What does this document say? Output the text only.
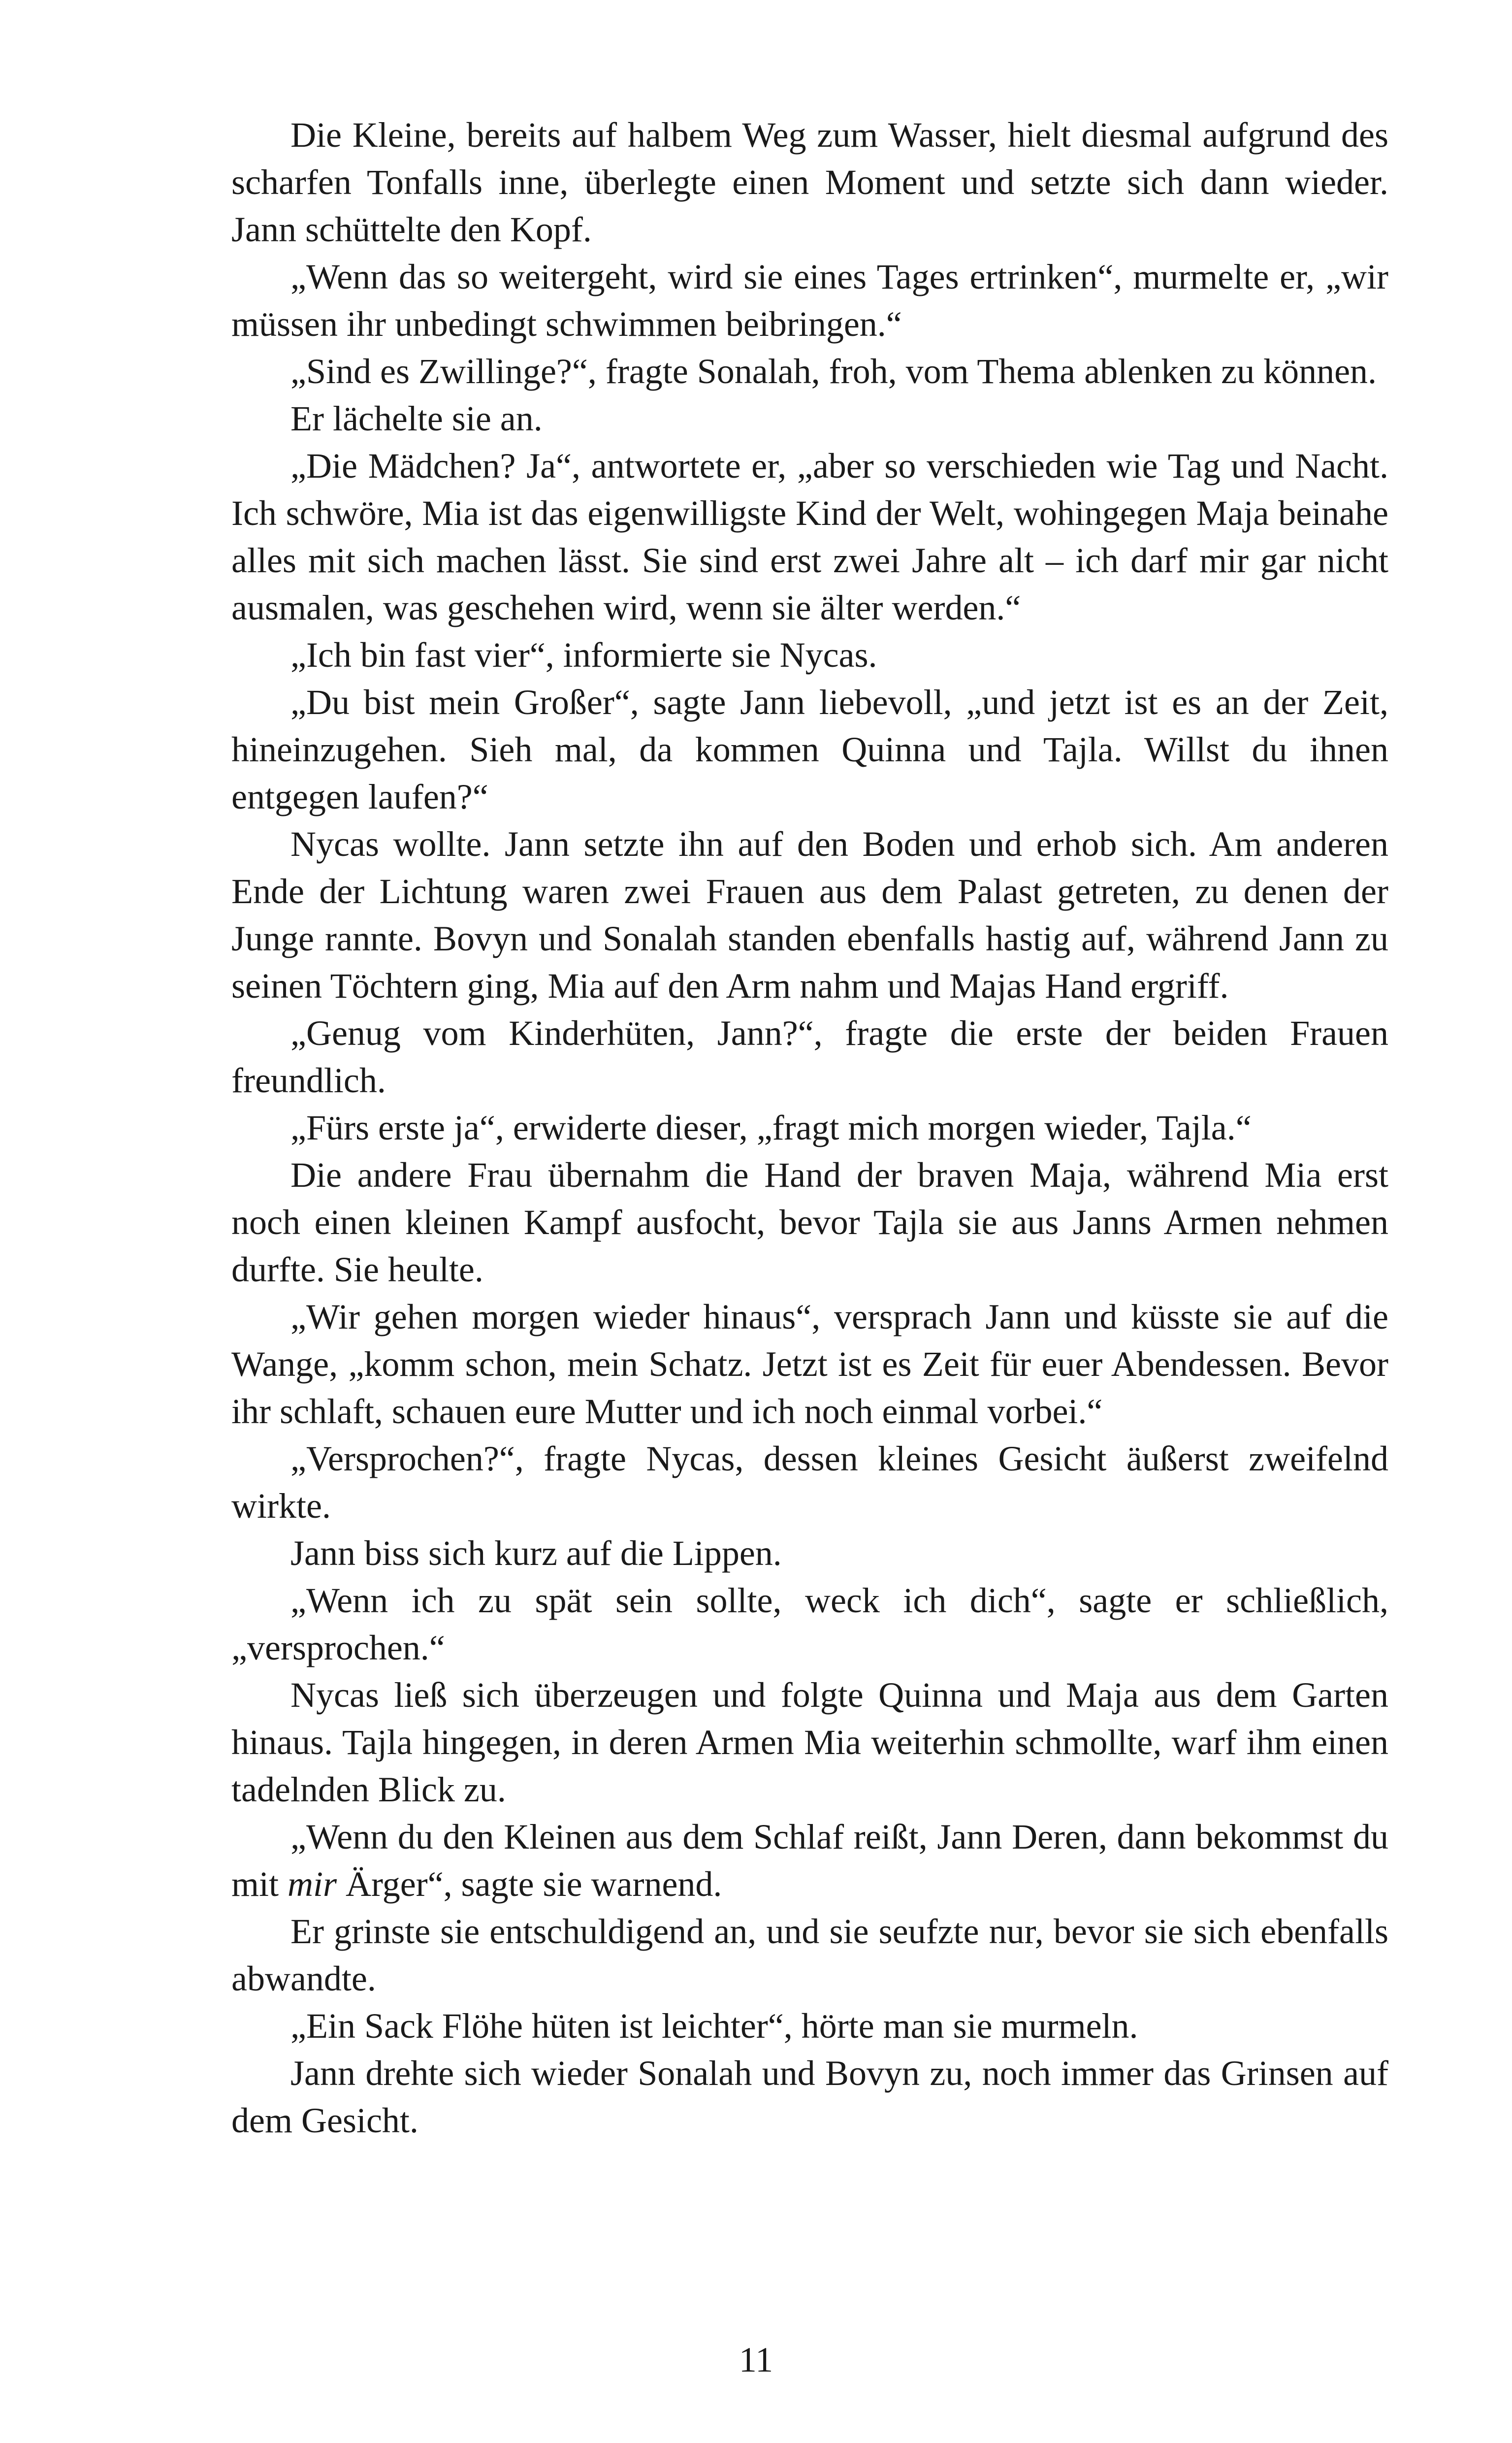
Die Kleine, bereits auf halbem Weg zum Wasser, hielt diesmal aufgrund des scharfen Tonfalls inne, überlegte einen Moment und setzte sich dann wieder. Jann schüttelte den Kopf.

„Wenn das so weitergeht, wird sie eines Tages ertrinken“, murmelte er, „wir müssen ihr unbedingt schwimmen beibringen.“

„Sind es Zwillinge?“, fragte Sonalah, froh, vom Thema ablenken zu können.

Er lächelte sie an.

„Die Mädchen? Ja“, antwortete er, „aber so verschieden wie Tag und Nacht. Ich schwöre, Mia ist das eigenwilligste Kind der Welt, wohingegen Maja beinahe alles mit sich machen lässt. Sie sind erst zwei Jahre alt – ich darf mir gar nicht ausmalen, was geschehen wird, wenn sie älter werden.“

„Ich bin fast vier“, informierte sie Nycas.

„Du bist mein Großer“, sagte Jann liebevoll, „und jetzt ist es an der Zeit, hineinzugehen. Sieh mal, da kommen Quinna und Tajla. Willst du ihnen entgegen laufen?“

Nycas wollte. Jann setzte ihn auf den Boden und erhob sich. Am anderen Ende der Lichtung waren zwei Frauen aus dem Palast getreten, zu denen der Junge rannte. Bovyn und Sonalah standen ebenfalls hastig auf, während Jann zu seinen Töchtern ging, Mia auf den Arm nahm und Majas Hand ergriff.

„Genug vom Kinderhüten, Jann?“, fragte die erste der beiden Frauen freundlich.

„Fürs erste ja“, erwiderte dieser, „fragt mich morgen wieder, Tajla.“

Die andere Frau übernahm die Hand der braven Maja, während Mia erst noch einen kleinen Kampf ausfocht, bevor Tajla sie aus Janns Armen nehmen durfte. Sie heulte.

„Wir gehen morgen wieder hinaus“, versprach Jann und küsste sie auf die Wange, „komm schon, mein Schatz. Jetzt ist es Zeit für euer Abendessen. Bevor ihr schlaft, schauen eure Mutter und ich noch einmal vorbei.“

„Versprochen?“, fragte Nycas, dessen kleines Gesicht äußerst zweifelnd wirkte.

Jann biss sich kurz auf die Lippen.

„Wenn ich zu spät sein sollte, weck ich dich“, sagte er schließlich, „versprochen.“

Nycas ließ sich überzeugen und folgte Quinna und Maja aus dem Garten hinaus. Tajla hingegen, in deren Armen Mia weiterhin schmollte, warf ihm einen tadelnden Blick zu.

„Wenn du den Kleinen aus dem Schlaf reißt, Jann Deren, dann bekommst du mit mir Ärger“, sagte sie warnend.

Er grinste sie entschuldigend an, und sie seufzte nur, bevor sie sich ebenfalls abwandte.

„Ein Sack Flöhe hüten ist leichter“, hörte man sie murmeln.

Jann drehte sich wieder Sonalah und Bovyn zu, noch immer das Grinsen auf dem Gesicht.

11
